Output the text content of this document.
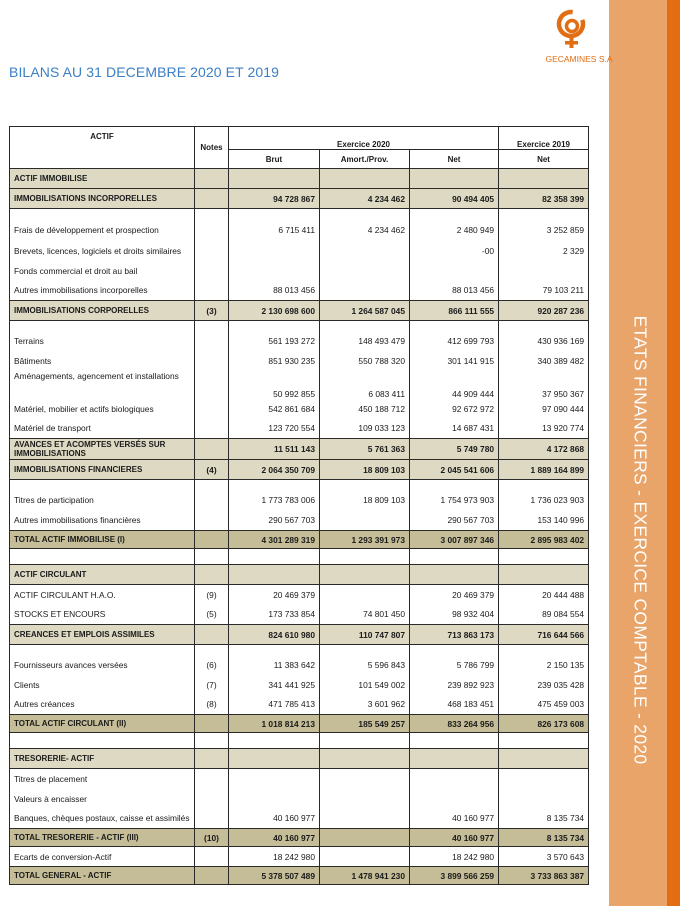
ETATS FINANCIERS - EXERCICE COMPTABLE - 2020
GECAMINES S.A
BILANS AU 31 DECEMBRE 2020 ET 2019
ACTIF	Notes	Exercice 2020			Exercice 2019
		Brut	Amort./Prov.	Net	Net
ACTIF IMMOBILISE					
IMMOBILISATIONS INCORPORELLES		94 728 867	4 234 462	90 494 405	82 358 399

Frais de développement et prospection		6 715 411	4 234 462	2 480 949	3 252 859
Brevets, licences, logiciels et droits similaires				-00	2 329
Fonds commercial et droit au bail					
Autres immobilisations incorporelles		88 013 456		88 013 456	79 103 211
IMMOBILISATIONS CORPORELLES	(3)	2 130 698 600	1 264 587 045	866 111 555	920 287 236

Terrains		561 193 272	148 493 479	412 699 793	430 936 169
Bâtiments		851 930 235	550 788 320	301 141 915	340 389 482
Aménagements, agencement et installations		50 992 855	6 083 411	44 909 444	37 950 367
Matériel, mobilier et actifs biologiques		542 861 684	450 188 712	92 672 972	97 090 444
Matériel de transport		123 720 554	109 033 123	14 687 431	13 920 774
AVANCES ET ACOMPTES VERSÉS SUR IMMOBILISATIONS		11 511 143	5 761 363	5 749 780	4 172 868
IMMOBILISATIONS FINANCIERES	(4)	2 064 350 709	18 809 103	2 045 541 606	1 889 164 899

Titres de participation		1 773 783 006	18 809 103	1 754 973 903	1 736 023 903
Autres immobilisations financières		290 567 703		290 567 703	153 140 996
TOTAL ACTIF IMMOBILISE (I)		4 301 289 319	1 293 391 973	3 007 897 346	2 895 983 402

ACTIF CIRCULANT					
ACTIF CIRCULANT H.A.O.	(9)	20 469 379		20 469 379	20 444 488
STOCKS ET ENCOURS	(5)	173 733 854	74 801 450	98 932 404	89 084 554
CREANCES ET EMPLOIS ASSIMILES		824 610 980	110 747 807	713 863 173	716 644 566

Fournisseurs avances versées	(6)	11 383 642	5 596 843	5 786 799	2 150 135
Clients	(7)	341 441 925	101 549 002	239 892 923	239 035 428
Autres créances	(8)	471 785 413	3 601 962	468 183 451	475 459 003
TOTAL ACTIF CIRCULANT (II)		1 018 814 213	185 549 257	833 264 956	826 173 608

TRESORERIE- ACTIF					
Titres de placement					
Valeurs à encaisser					
Banques, chèques postaux, caisse et assimilés		40 160 977		40 160 977	8 135 734
TOTAL TRESORERIE - ACTIF (III)	(10)	40 160 977		40 160 977	8 135 734
Ecarts de conversion-Actif		18 242 980		18 242 980	3 570 643
TOTAL GENERAL - ACTIF		5 378 507 489	1 478 941 230	3 899 566 259	3 733 863 387
